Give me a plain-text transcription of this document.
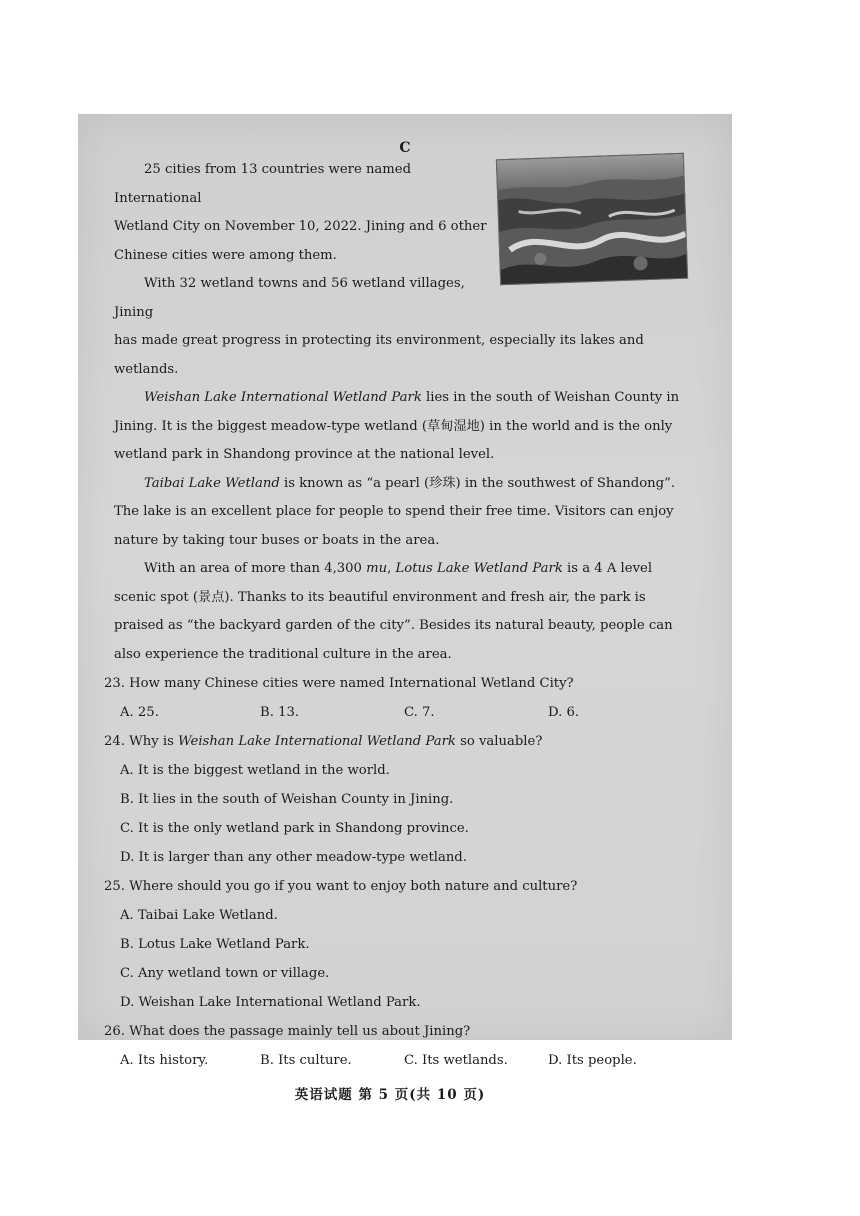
C

25 cities from 13 countries were named International

Wetland City on November 10, 2022. Jining and 6 other

Chinese cities were among them.

With 32 wetland towns and 56 wetland villages, Jining

has made great progress in protecting its environment, especially its lakes and wetlands.

Weishan Lake International Wetland Park lies in the south of Weishan County in Jining. It is the biggest meadow-type wetland (草甸湿地) in the world and is the only wetland park in Shandong province at the national level.

Taibai Lake Wetland is known as “a pearl (珍珠) in the southwest of Shandong”. The lake is an excellent place for people to spend their free time. Visitors can enjoy nature by taking tour buses or boats in the area.

With an area of more than 4,300 mu, Lotus Lake Wetland Park is a 4 A level scenic spot (景点). Thanks to its beautiful environment and fresh air, the park is praised as “the backyard garden of the city”. Besides its natural beauty, people can also experience the traditional culture in the area.

23. How many Chinese cities were named International Wetland City?

A. 25.	B. 13.	C. 7.	D. 6.

24. Why is Weishan Lake International Wetland Park so valuable?

A. It is the biggest wetland in the world.

B. It lies in the south of Weishan County in Jining.

C. It is the only wetland park in Shandong province.

D. It is larger than any other meadow-type wetland.

25. Where should you go if you want to enjoy both nature and culture?

A. Taibai Lake Wetland.

B. Lotus Lake Wetland Park.

C. Any wetland town or village.

D. Weishan Lake International Wetland Park.

26. What does the passage mainly tell us about Jining?

A. Its history.	B. Its culture.	C. Its wetlands.	D. Its people.
英语试题 第 5 页(共 10 页)
